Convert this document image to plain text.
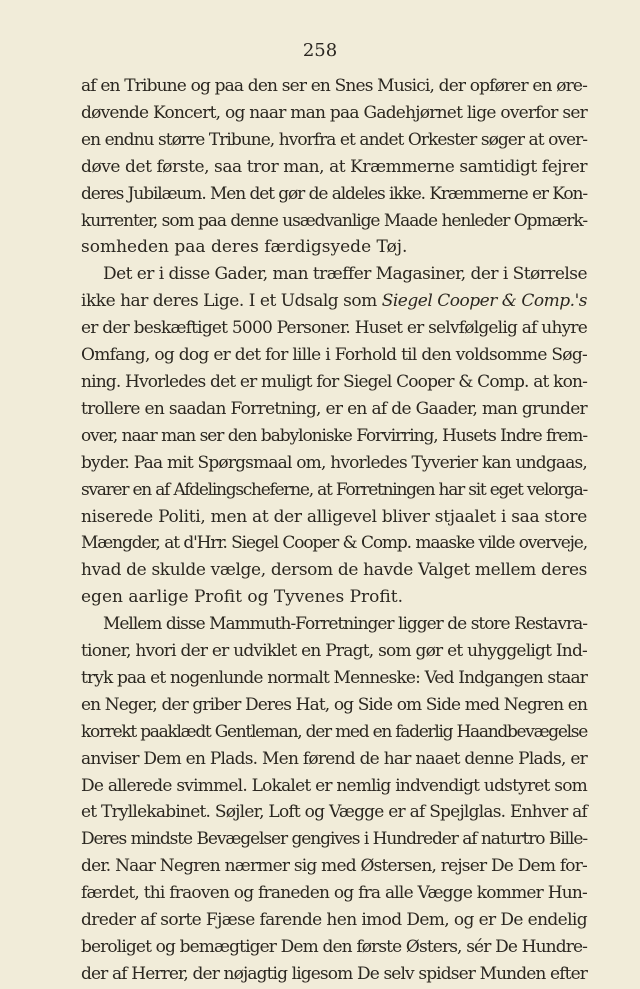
258

af en Tribune og paa den ser en Snes Musici, der opfører en øre-
døvende Koncert, og naar man paa Gadehjørnet lige overfor ser
en endnu større Tribune, hvorfra et andet Orkester søger at over-
døve det første, saa tror man, at Kræmmerne samtidigt fejrer
deres Jubilæum. Men det gør de aldeles ikke. Kræmmerne er Kon-
kurrenter, som paa denne usædvanlige Maade henleder Opmærk-
somheden paa deres færdigsyede Tøj.
Det er i disse Gader, man træffer Magasiner, der i Størrelse
ikke har deres Lige. I et Udsalg som Siegel Cooper & Comp.'s
er der beskæftiget 5000 Personer. Huset er selvfølgelig af uhyre
Omfang, og dog er det for lille i Forhold til den voldsomme Søg-
ning. Hvorledes det er muligt for Siegel Cooper & Comp. at kon-
trollere en saadan Forretning, er en af de Gaader, man grunder
over, naar man ser den babyloniske Forvirring, Husets Indre frem-
byder. Paa mit Spørgsmaal om, hvorledes Tyverier kan undgaas,
svarer en af Afdelingscheferne, at Forretningen har sit eget velorga-
niserede Politi, men at der alligevel bliver stjaalet i saa store
Mængder, at d'Hrr. Siegel Cooper & Comp. maaske vilde overveje,
hvad de skulde vælge, dersom de havde Valget mellem deres
egen aarlige Profit og Tyvenes Profit.
Mellem disse Mammuth-Forretninger ligger de store Restavra-
tioner, hvori der er udviklet en Pragt, som gør et uhyggeligt Ind-
tryk paa et nogenlunde normalt Menneske: Ved Indgangen staar
en Neger, der griber Deres Hat, og Side om Side med Negren en
korrekt paaklædt Gentleman, der med en faderlig Haandbevægelse
anviser Dem en Plads. Men førend de har naaet denne Plads, er
De allerede svimmel. Lokalet er nemlig indvendigt udstyret som
et Tryllekabinet. Søjler, Loft og Vægge er af Spejlglas. Enhver af
Deres mindste Bevægelser gengives i Hundreder af naturtro Bille-
der. Naar Negren nærmer sig med Østersen, rejser De Dem for-
færdet, thi fraoven og franeden og fra alle Vægge kommer Hun-
dreder af sorte Fjæse farende hen imod Dem, og er De endelig
beroliget og bemægtiger Dem den første Østers, sér De Hundre-
der af Herrer, der nøjagtig ligesom De selv spidser Munden efter
